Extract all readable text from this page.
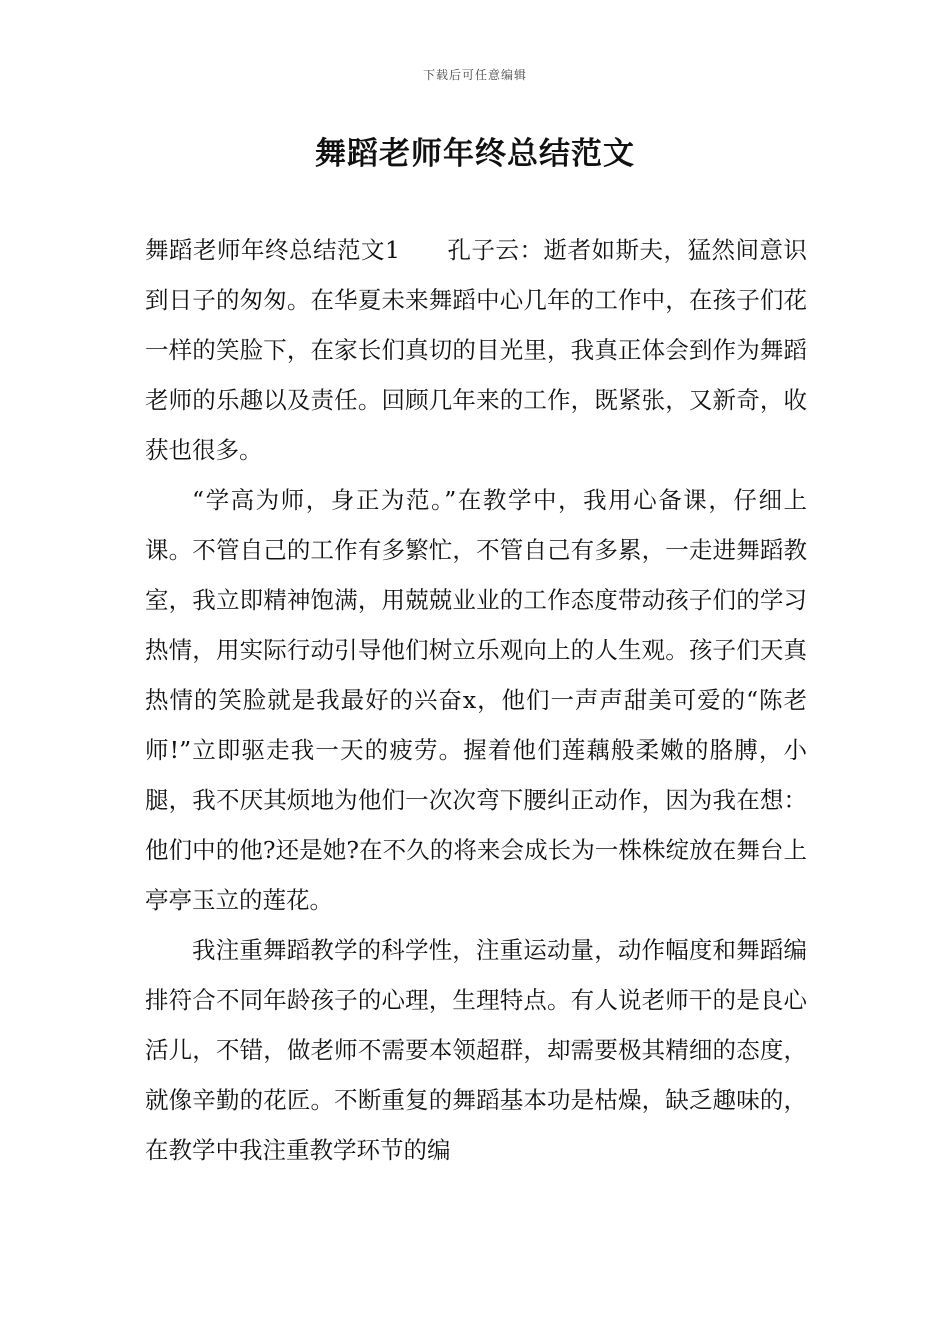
下载后可任意编辑
舞蹈老师年终总结范文

舞蹈老师年终总结范文1 孔子云：逝者如斯夫，猛然间意识到日子的匆匆。在华夏未来舞蹈中心几年的工作中，在孩子们花一样的笑脸下，在家长们真切的目光里，我真正体会到作为舞蹈老师的乐趣以及责任。回顾几年来的工作，既紧张，又新奇，收获也很多。

“学高为师，身正为范。”在教学中，我用心备课，仔细上课。不管自己的工作有多繁忙，不管自己有多累，一走进舞蹈教室，我立即精神饱满，用兢兢业业的工作态度带动孩子们的学习热情，用实际行动引导他们树立乐观向上的人生观。孩子们天真热情的笑脸就是我最好的兴奋x，他们一声声甜美可爱的“陈老师!”立即驱走我一天的疲劳。握着他们莲藕般柔嫩的胳膊，小腿，我不厌其烦地为他们一次次弯下腰纠正动作，因为我在想：他们中的他?还是她?在不久的将来会成长为一株株绽放在舞台上亭亭玉立的莲花。

我注重舞蹈教学的科学性，注重运动量，动作幅度和舞蹈编排符合不同年龄孩子的心理，生理特点。有人说老师干的是良心活儿，不错，做老师不需要本领超群，却需要极其精细的态度，就像辛勤的花匠。不断重复的舞蹈基本功是枯燥，缺乏趣味的，在教学中我注重教学环节的编
